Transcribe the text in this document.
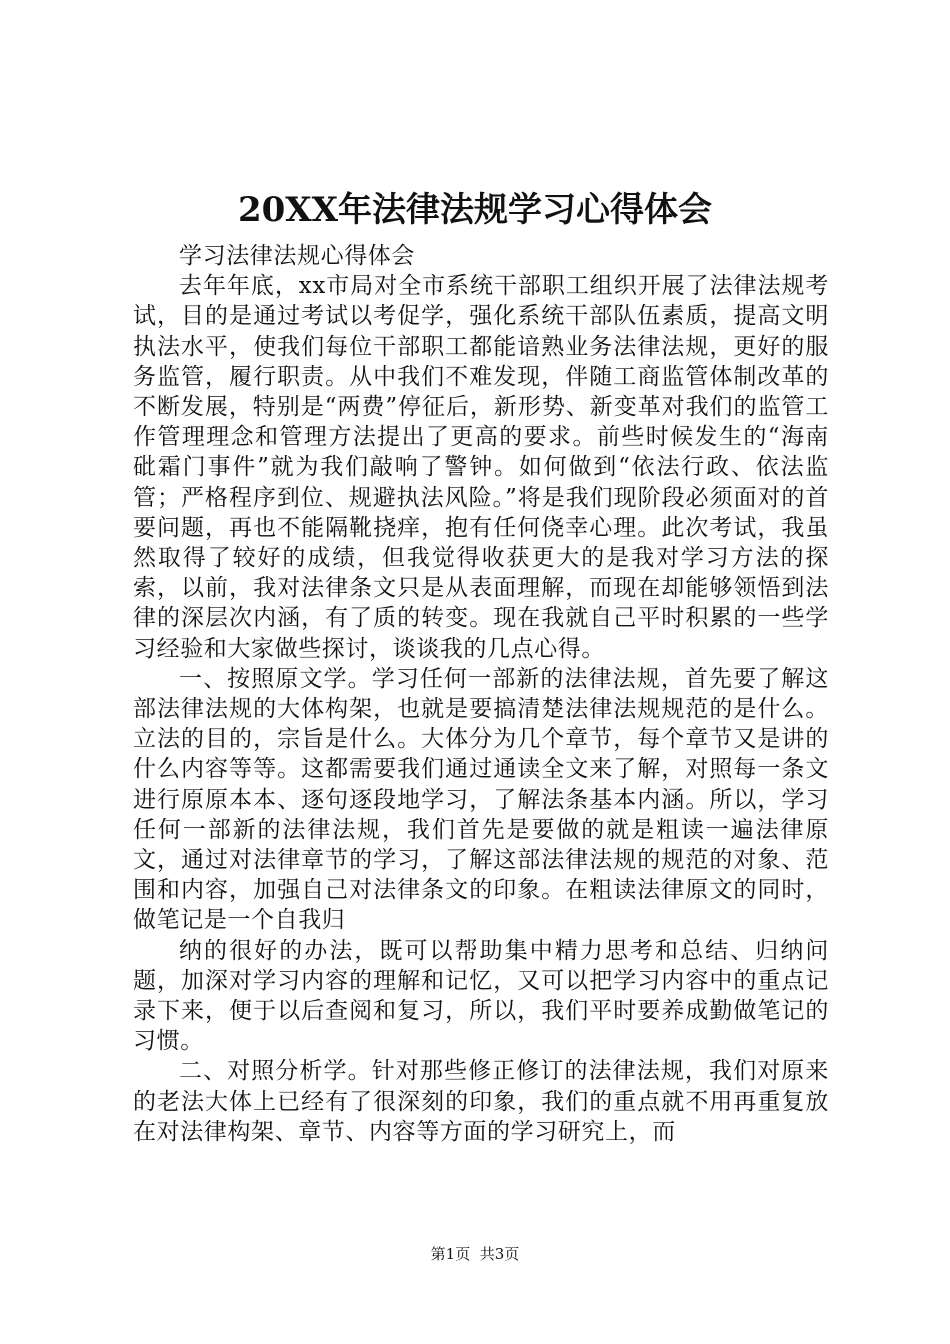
20XX年法律法规学习心得体会

学习法律法规心得体会

去年年底，xx市局对全市系统干部职工组织开展了法律法规考试，目的是通过考试以考促学，强化系统干部队伍素质，提高文明执法水平，使我们每位干部职工都能谙熟业务法律法规，更好的服务监管，履行职责。从中我们不难发现，伴随工商监管体制改革的不断发展，特别是“两费”停征后，新形势、新变革对我们的监管工作管理理念和管理方法提出了更高的要求。前些时候发生的“海南砒霜门事件”就为我们敲响了警钟。如何做到“依法行政、依法监管；严格程序到位、规避执法风险。”将是我们现阶段必须面对的首要问题，再也不能隔靴挠痒，抱有任何侥幸心理。此次考试，我虽然取得了较好的成绩，但我觉得收获更大的是我对学习方法的探索，以前，我对法律条文只是从表面理解，而现在却能够领悟到法律的深层次内涵，有了质的转变。现在我就自己平时积累的一些学习经验和大家做些探讨，谈谈我的几点心得。

一、按照原文学。学习任何一部新的法律法规，首先要了解这部法律法规的大体构架，也就是要搞清楚法律法规规范的是什么。立法的目的，宗旨是什么。大体分为几个章节，每个章节又是讲的什么内容等等。这都需要我们通过通读全文来了解，对照每一条文进行原原本本、逐句逐段地学习，了解法条基本内涵。所以，学习任何一部新的法律法规，我们首先是要做的就是粗读一遍法律原文，通过对法律章节的学习，了解这部法律法规的规范的对象、范围和内容，加强自己对法律条文的印象。在粗读法律原文的同时，做笔记是一个自我归

纳的很好的办法，既可以帮助集中精力思考和总结、归纳问题，加深对学习内容的理解和记忆，又可以把学习内容中的重点记录下来，便于以后查阅和复习，所以，我们平时要养成勤做笔记的习惯。

二、对照分析学。针对那些修正修订的法律法规，我们对原来的老法大体上已经有了很深刻的印象，我们的重点就不用再重复放在对法律构架、章节、内容等方面的学习研究上，而

第1页 共3页
